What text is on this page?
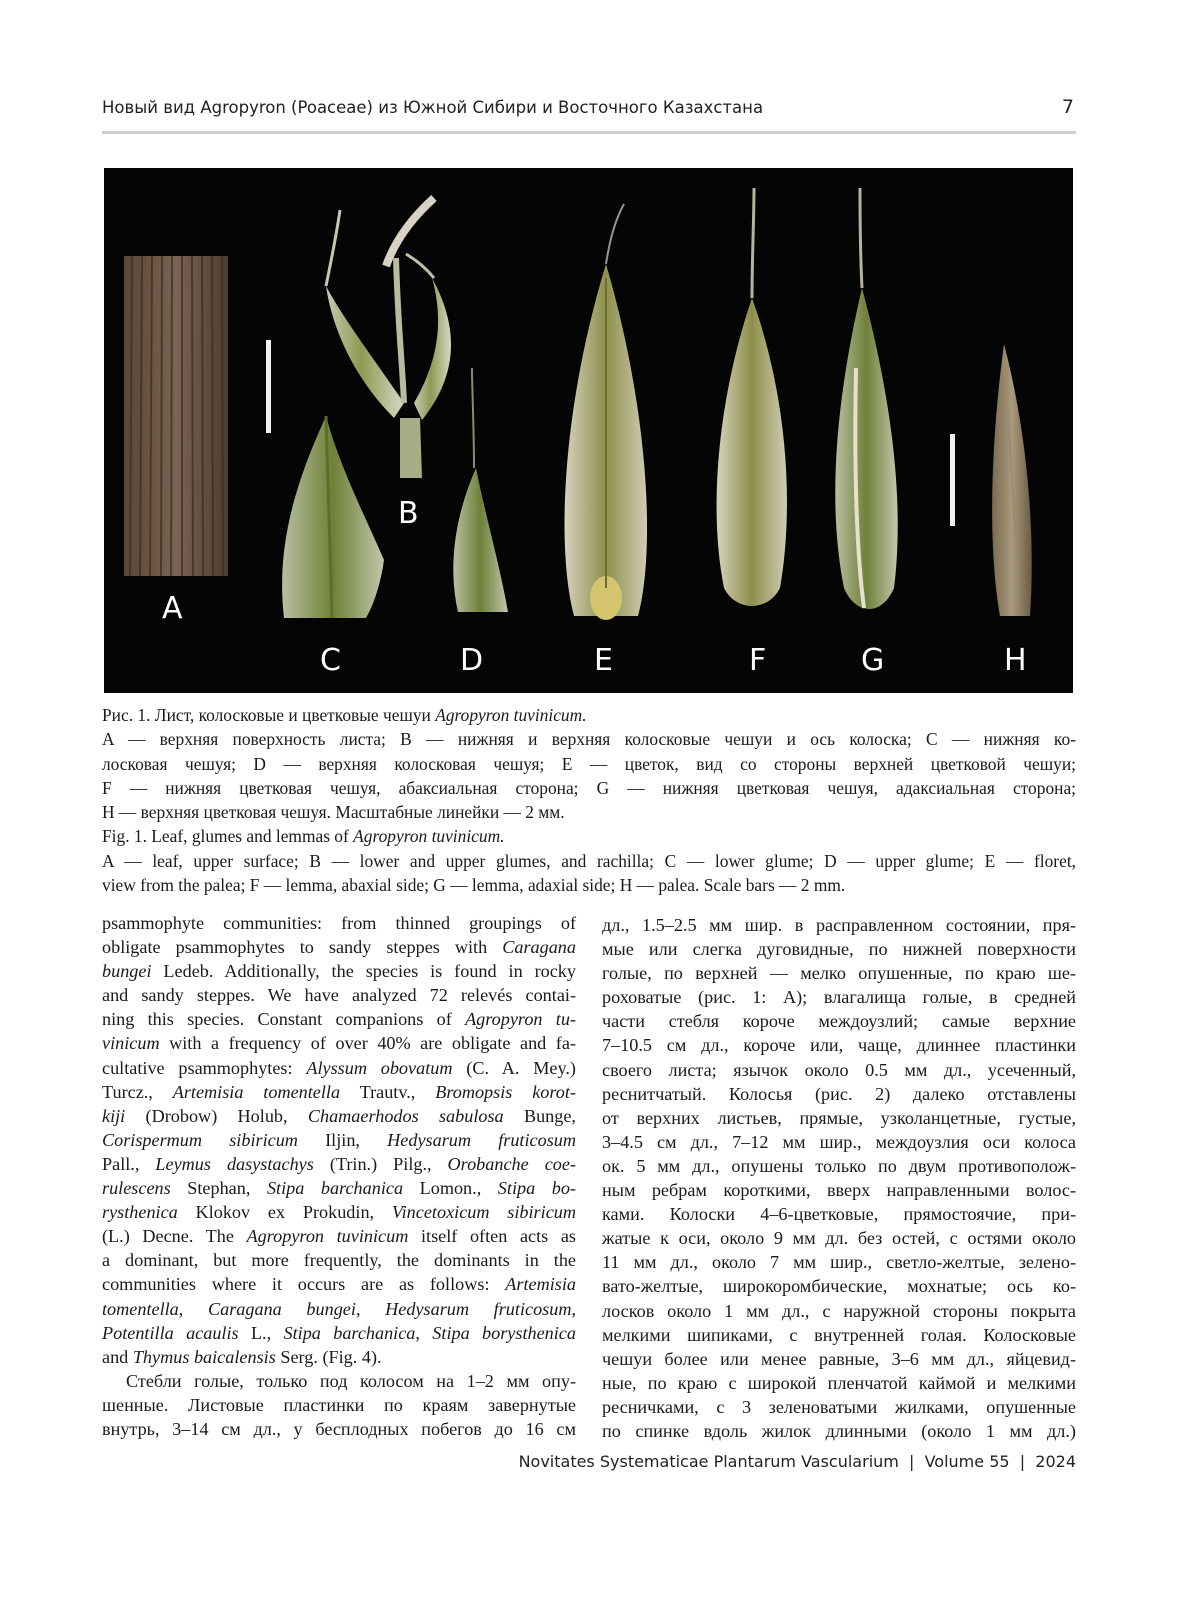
Новый вид Agropyron (Poaceae) из Южной Сибири и Восточного Казахстана	7
A
B
C	D	E	F	G	H

Рис. 1. Лист, колосковые и цветковые чешуи Agropyron tuvinicum.

A — верхняя поверхность листа; B — нижняя и верхняя колосковые чешуи и ось колоска; C — нижняя ко-

лосковая чешуя; D — верхняя колосковая чешуя; E — цветок, вид со стороны верхней цветковой чешуи;

F — нижняя цветковая чешуя, абаксиальная сторона; G — нижняя цветковая чешуя, адаксиальная сторона;

H — верхняя цветковая чешуя. Масштабные линейки — 2 мм.

Fig. 1. Leaf, glumes and lemmas of Agropyron tuvinicum.

A — leaf, upper surface; B — lower and upper glumes, and rachilla; C — lower glume; D — upper glume; E — floret,

view from the palea; F — lemma, abaxial side; G — lemma, adaxial side; H — palea. Scale bars — 2 mm.

psammophyte communities: from thinned groupings of

obligate psammophytes to sandy steppes with Caragana

bungei Ledeb. Additionally, the species is found in rocky

and sandy steppes. We have analyzed 72 relevés contai-

ning this species. Constant companions of Agropyron tu-

vinicum with a frequency of over 40% are obligate and fa-

cultative psammophytes: Alyssum obovatum (C. A. Mey.)

Turcz., Artemisia tomentella Trautv., Bromopsis korot-

kiji (Drobow) Holub, Chamaerhodos sabulosa Bunge,

Corispermum sibiricum Iljin, Hedysarum fruticosum

Pall., Leymus dasystachys (Trin.) Pilg., Orobanche coe-

rulescens Stephan, Stipa barchanica Lomon., Stipa bo-

rysthenica Klokov ex Prokudin, Vincetoxicum sibiricum

(L.) Decne. The Agropyron tuvinicum itself often acts as

a dominant, but more frequently, the dominants in the

communities where it occurs are as follows: Artemisia

tomentella, Caragana bungei, Hedysarum fruticosum,

Potentilla acaulis L., Stipa barchanica, Stipa borysthenica

and Thymus baicalensis Serg. (Fig. 4).

Стебли голые, только под колосом на 1–2 мм опу-

шенные. Листовые пластинки по краям завернутые

внутрь, 3–14 см дл., у бесплодных побегов до 16 см

дл., 1.5–2.5 мм шир. в расправленном состоянии, пря-

мые или слегка дуговидные, по нижней поверхности

голые, по верхней — мелко опушенные, по краю ше-

роховатые (рис. 1: A); влагалища голые, в средней

части стебля короче междоузлий; самые верхние

7–10.5 см дл., короче или, чаще, длиннее пластинки

своего листа; язычок около 0.5 мм дл., усеченный,

реснитчатый. Колосья (рис. 2) далеко отставлены

от верхних листьев, прямые, узколанцетные, густые,

3–4.5 см дл., 7–12 мм шир., междоузлия оси колоса

ок. 5 мм дл., опушены только по двум противополож-

ным ребрам короткими, вверх направленными волос-

ками. Колоски 4–6-цветковые, прямостоячие, при-

жатые к оси, около 9 мм дл. без остей, с остями около

11 мм дл., около 7 мм шир., светло-желтые, зелено-

вато-желтые, широкоромбические, мохнатые; ось ко-

лосков около 1 мм дл., с наружной стороны покрыта

мелкими шипиками, с внутренней голая. Колосковые

чешуи более или менее равные, 3–6 мм дл., яйцевид-

ные, по краю с широкой пленчатой каймой и мелкими

ресничками, с 3 зеленоватыми жилками, опушенные

по спинке вдоль жилок длинными (около 1 мм дл.)

Novitates Systematicae Plantarum Vascularium | Volume 55 | 2024
